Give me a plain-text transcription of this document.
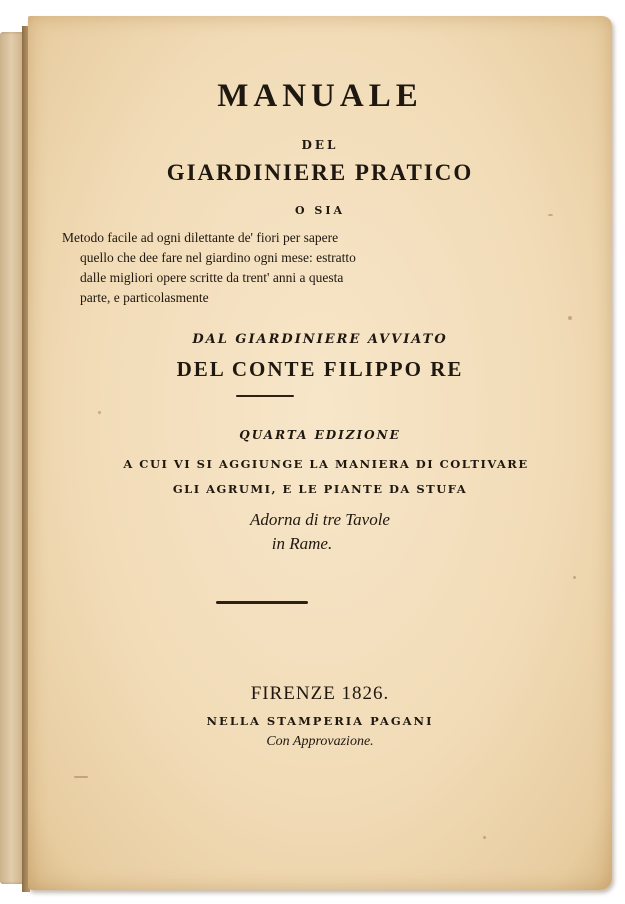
MANUALE
DEL
GIARDINIERE PRATICO
O SIA
Metodo facile ad ogni dilettante de' fiori per sapere
quello che dee fare nel giardino ogni mese: estratto
dalle migliori opere scritte da trent' anni a questa
parte, e particolasmente
DAL GIARDINIERE AVVIATO
DEL CONTE FILIPPO RE
QUARTA EDIZIONE
A CUI VI SI AGGIUNGE LA MANIERA DI COLTIVARE
GLI AGRUMI, E LE PIANTE DA STUFA
Adorna di tre Tavole
in Rame.
FIRENZE 1826.
NELLA STAMPERIA PAGANI
Con Approvazione.
